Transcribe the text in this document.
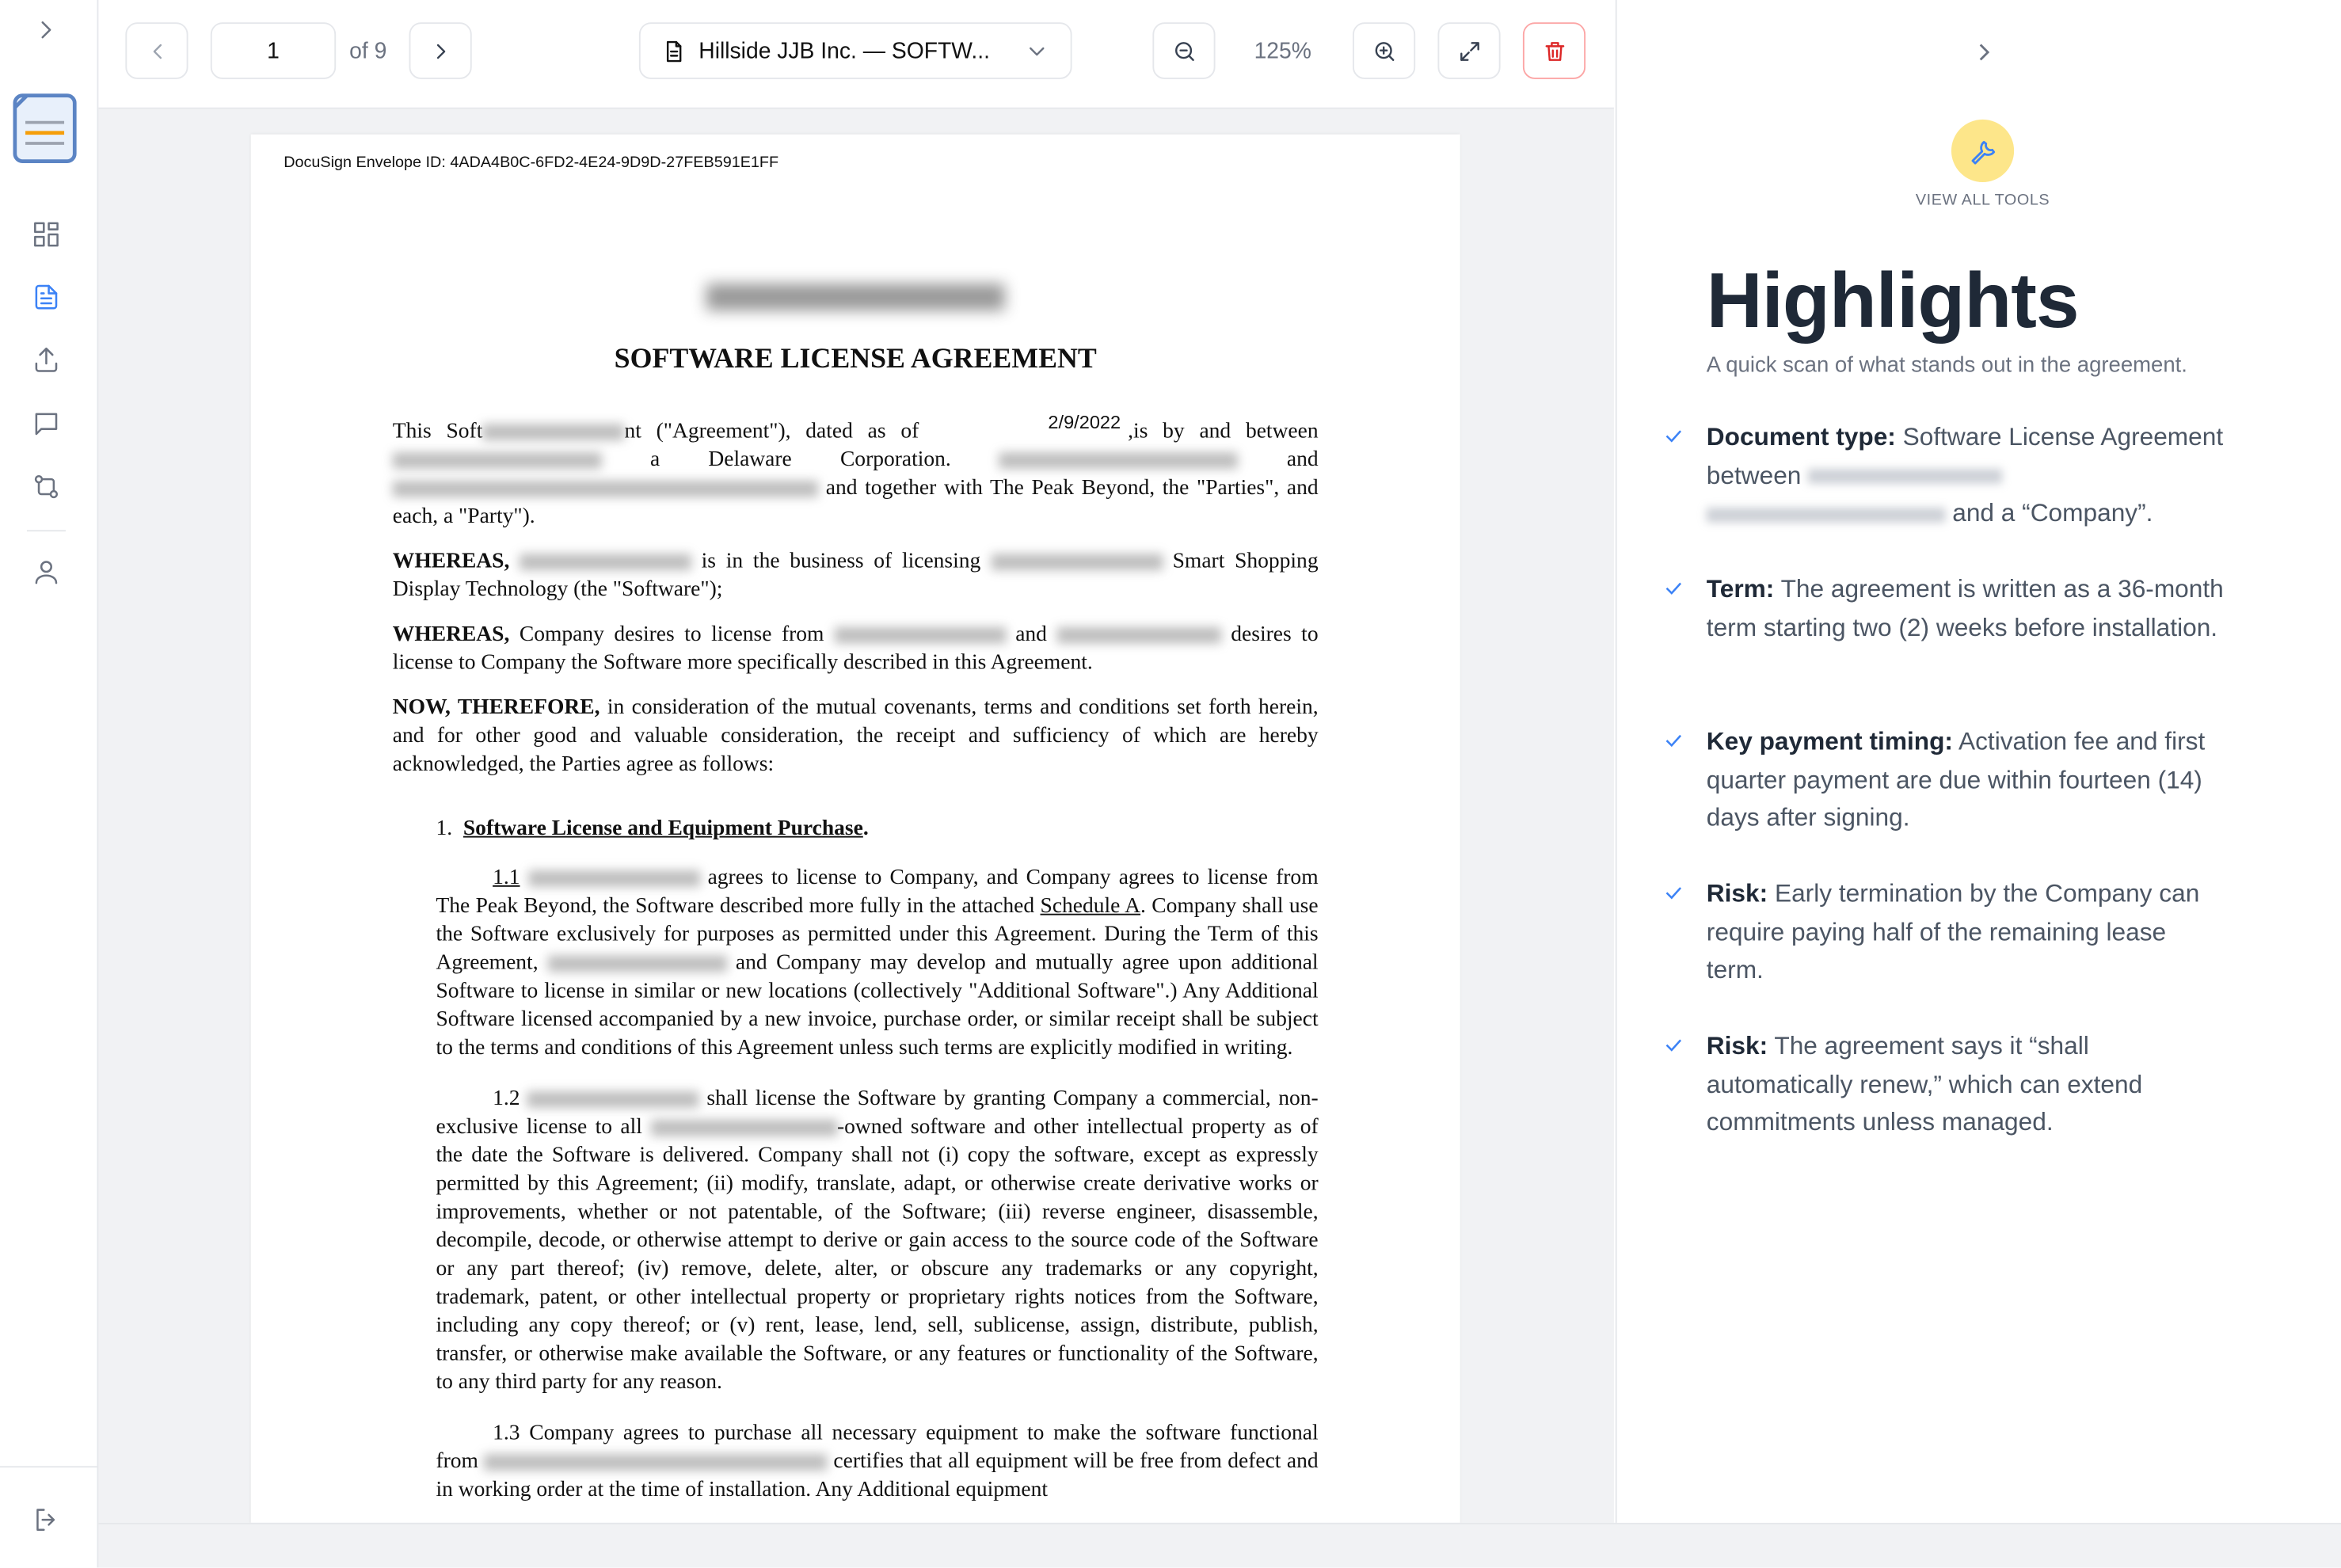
1	of 9	Hillside JJB Inc. — SOFTW...	125%
DocuSign Envelope ID: 4ADA4B0C-6FD2-4E24-9D9D-27FEB591E1FF
SOFTWARE LICENSE AGREEMENT
2/9/2022

This Soft	nt ("Agreement"), dated as of	,is by and between  a Delaware Corporation.	and  and together with The Peak Beyond, the "Parties", and each, a "Party").

WHEREAS,	is in the business of licensing	Smart Shopping Display Technology (the "Software");

WHEREAS, Company desires to license from	and	desires to license to Company the Software more specifically described in this Agreement.

NOW, THEREFORE, in consideration of the mutual covenants, terms and conditions set forth herein, and for other good and valuable consideration, the receipt and sufficiency of which are hereby acknowledged, the Parties agree as follows:

1. Software License and Equipment Purchase.

1.1	agrees to license to Company, and Company agrees to license from The Peak Beyond, the Software described more fully in the attached Schedule A. Company shall use the Software exclusively for purposes as permitted under this Agreement. During the Term of this Agreement,	and Company may develop and mutually agree upon additional Software to license in similar or new locations (collectively "Additional Software".) Any Additional Software licensed accompanied by a new invoice, purchase order, or similar receipt shall be subject to the terms and conditions of this Agreement unless such terms are explicitly modified in writing.

1.2	shall license the Software by granting Company a commercial, non-exclusive license to all	-owned software and other intellectual property as of the date the Software is delivered. Company shall not (i) copy the software, except as expressly permitted by this Agreement; (ii) modify, translate, adapt, or otherwise create derivative works or improvements, whether or not patentable, of the Software; (iii) reverse engineer, disassemble, decompile, decode, or otherwise attempt to derive or gain access to the source code of the Software or any part thereof; (iv) remove, delete, alter, or obscure any trademarks or any copyright, trademark, patent, or other intellectual property or proprietary rights notices from the Software, including any copy thereof; or (v) rent, lease, lend, sell, sublicense, assign, distribute, publish, transfer, or otherwise make available the Software, or any features or functionality of the Software, to any third party for any reason.

1.3 Company agrees to purchase all necessary equipment to make the software functional from	certifies that all equipment will be free from defect and in working order at the time of installation. Any Additional equipment

VIEW ALL TOOLS
Highlights
A quick scan of what stands out in the agreement.
Document type: Software License Agreement between   and a “Company”.
Term: The agreement is written as a 36-month term starting two (2) weeks before installation.
Key payment timing: Activation fee and first quarter payment are due within fourteen (14) days after signing.
Risk: Early termination by the Company can require paying half of the remaining lease term.
Risk: The agreement says it “shall automatically renew,” which can extend commitments unless managed.
